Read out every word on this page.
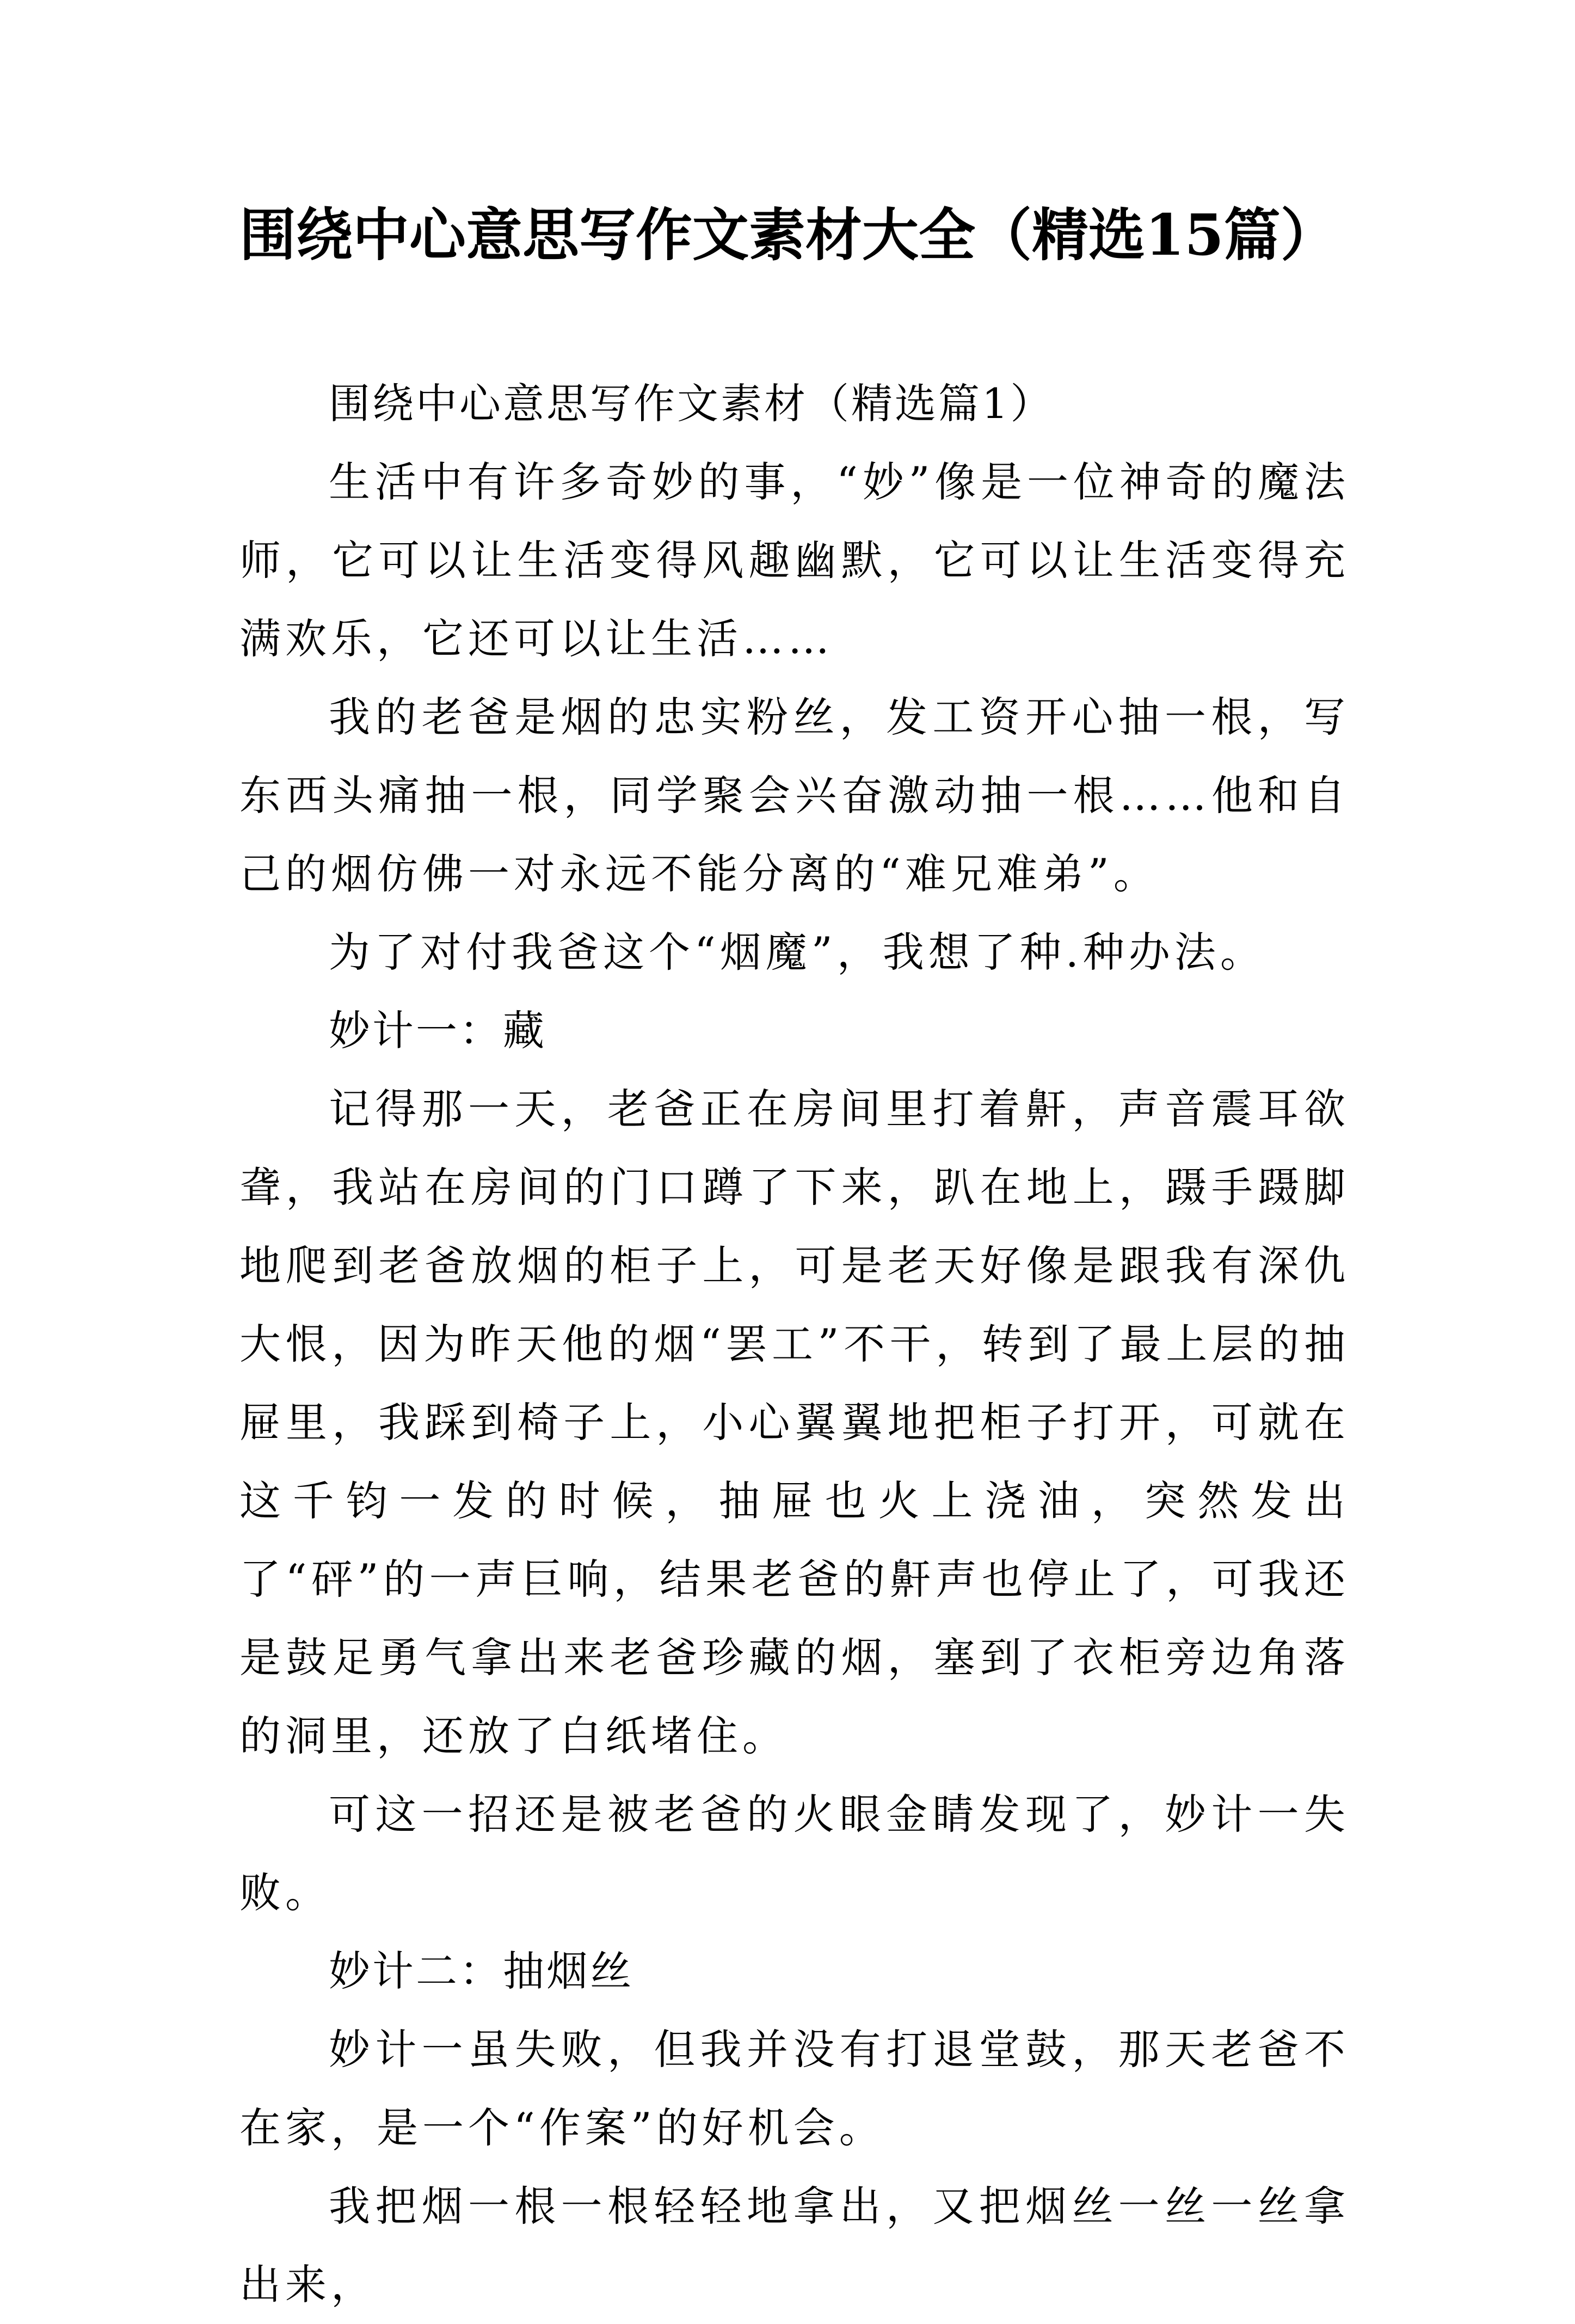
围绕中心意思写作文素材大全（精选15篇）

围绕中心意思写作文素材（精选篇1）

生活中有许多奇妙的事，“妙”像是一位神奇的魔法师，它可以让生活变得风趣幽默，它可以让生活变得充满欢乐，它还可以让生活……

我的老爸是烟的忠实粉丝，发工资开心抽一根，写东西头痛抽一根，同学聚会兴奋激动抽一根……他和自己的烟仿佛一对永远不能分离的“难兄难弟”。

为了对付我爸这个“烟魔”，我想了种.种办法。

妙计一：藏

记得那一天，老爸正在房间里打着鼾，声音震耳欲聋，我站在房间的门口蹲了下来，趴在地上，蹑手蹑脚地爬到老爸放烟的柜子上，可是老天好像是跟我有深仇大恨，因为昨天他的烟“罢工”不干，转到了最上层的抽屉里，我踩到椅子上，小心翼翼地把柜子打开，可就在这千钧一发的时候，抽屉也火上浇油，突然发出了“砰”的一声巨响，结果老爸的鼾声也停止了，可我还是鼓足勇气拿出来老爸珍藏的烟，塞到了衣柜旁边角落的洞里，还放了白纸堵住。

可这一招还是被老爸的火眼金睛发现了，妙计一失败。

妙计二：抽烟丝

妙计一虽失败，但我并没有打退堂鼓，那天老爸不在家，是一个“作案”的好机会。

我把烟一根一根轻轻地拿出，又把烟丝一丝一丝拿出来，
